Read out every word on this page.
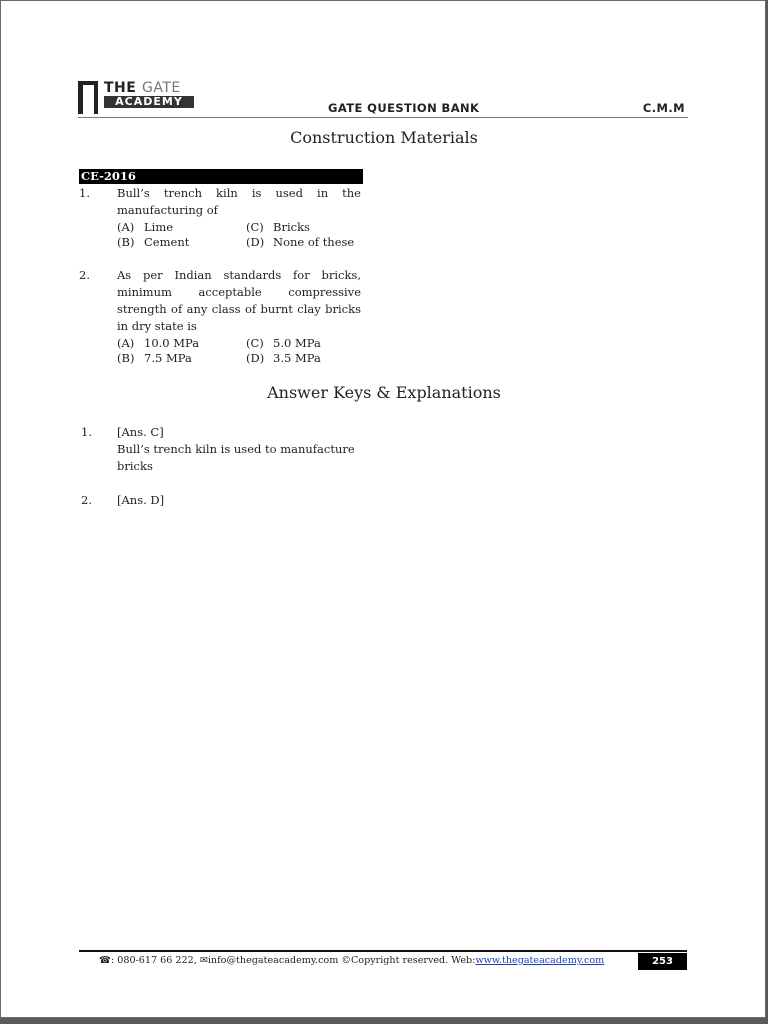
THE GATE
ACADEMY	GATE QUESTION BANK	C.M.M
Construction Materials
CE-2016
1. Bull’s trench kiln is used in the manufacturing of
(A) Lime
(B) Cement
(C) Bricks
(D) None of these
2. As per Indian standards for bricks, minimum acceptable compressive strength of any class of burnt clay bricks in dry state is
(A) 10.0 MPa
(B) 7.5 MPa
(C) 5.0 MPa
(D) 3.5 MPa
Answer Keys & Explanations
1. [Ans. C]
Bull’s trench kiln is used to manufacture bricks
2. [Ans. D]
☎: 080-617 66 222, ✉info@thegateacademy.com ©Copyright reserved. Web:www.thegateacademy.com	253
